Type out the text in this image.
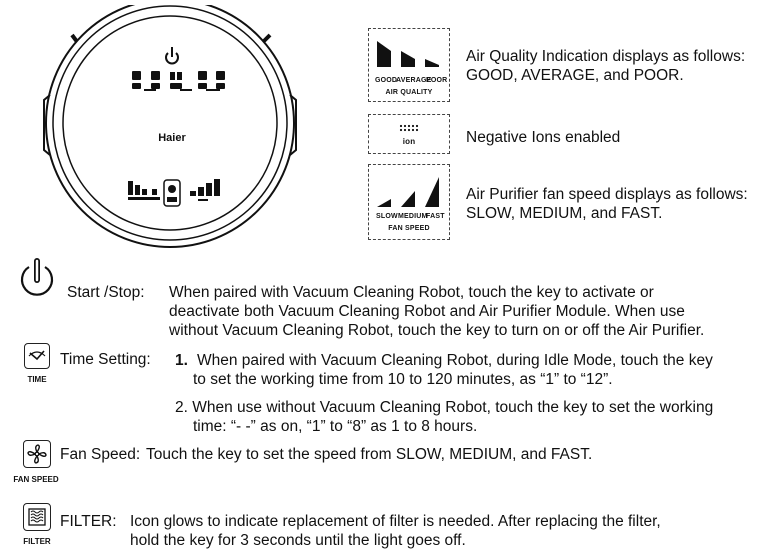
Haier
GOOD
AVERAGE
POOR
AIR QUALITY
Air Quality Indication displays as follows:
GOOD, AVERAGE, and POOR.
ion	Negative Ions enabled
SLOW MEDIUM
FAST
FAN SPEED
Air Purifier fan speed displays as follows:
SLOW, MEDIUM, and FAST.
Start /Stop: When paired with Vacuum Cleaning Robot, touch the key to activate or
deactivate both Vacuum Cleaning Robot and Air Purifier Module. When use
without Vacuum Cleaning Robot, touch the key to turn on or off the Air Purifier.
TIME
Time Setting: 1. When paired with Vacuum Cleaning Robot, during Idle Mode, touch the key
to set the working time from 10 to 120 minutes, as “1” to “12”.
2. When use without Vacuum Cleaning Robot, touch the key to set the working
time: “- -” as on, “1” to “8” as 1 to 8 hours.
FAN SPEED
Fan Speed: Touch the key to set the speed from SLOW, MEDIUM, and FAST.
FILTER
FILTER: Icon glows to indicate replacement of filter is needed. After replacing the filter,
hold the key for 3 seconds until the light goes off.
